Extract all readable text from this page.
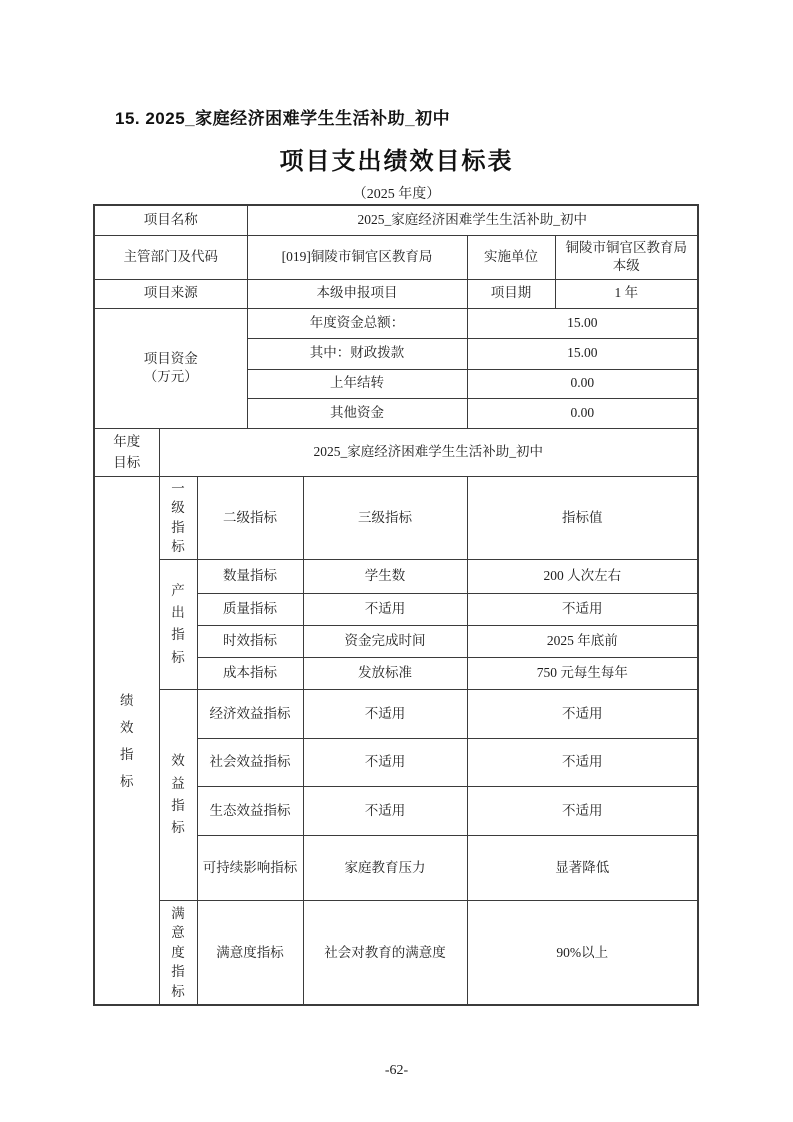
15. 2025_家庭经济困难学生生活补助_初中
项目支出绩效目标表
（2025 年度）
项目名称			2025_家庭经济困难学生生活补助_初中			
主管部门及代码			[019]铜陵市铜官区教育局		实施单位	铜陵市铜官区教育局本级
项目来源			本级申报项目		项目期	1 年

项目资金
（万元）			年度资金总额：		15.00	
			其中：财政拨款		15.00	
			上年结转		0.00	
			其他资金		0.00	

年度目标	2025_家庭经济困难学生生活补助_初中					

绩效指标	一级指标	二级指标		三级指标	指标值	

	产出指标	数量指标		学生数	200 人次左右	
		质量指标		不适用	不适用	
		时效指标		资金完成时间	2025 年底前	
		成本指标		发放标准	750 元每生每年	

	效益指标	经济效益指标		不适用	不适用	
		社会效益指标		不适用	不适用	
		生态效益指标		不适用	不适用	
		可持续影响指标		家庭教育压力	显著降低	

	满意度指标	满意度指标		社会对教育的满意度	90%以上	
-62-
